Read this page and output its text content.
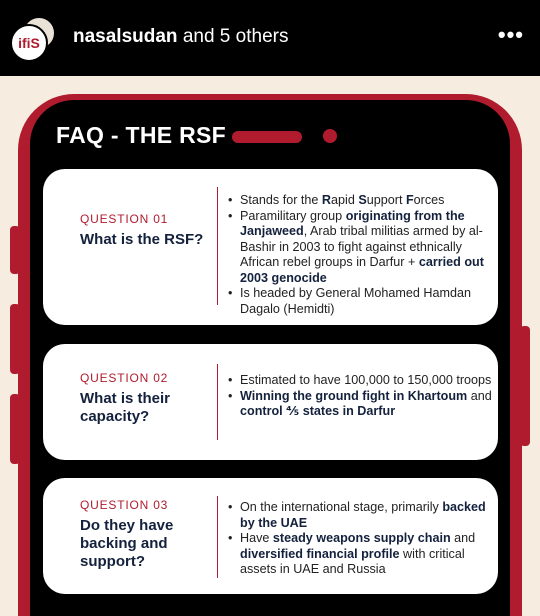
ifiS nasalsudan and 5 others	•••
FAQ - THE RSF
QUESTION 01
What is the RSF?
• Stands for the Rapid Support Forces
• Paramilitary group originating from the Janjaweed, Arab tribal militias armed by al-Bashir in 2003 to fight against ethnically African rebel groups in Darfur + carried out 2003 genocide
• Is headed by General Mohamed Hamdan Dagalo (Hemidti)
QUESTION 02
What is their capacity?
• Estimated to have 100,000 to 150,000 troops
• Winning the ground fight in Khartoum and control ⅘ states in Darfur
QUESTION 03
Do they have backing and support?
• On the international stage, primarily backed by the UAE
• Have steady weapons supply chain and diversified financial profile with critical assets in UAE and Russia
